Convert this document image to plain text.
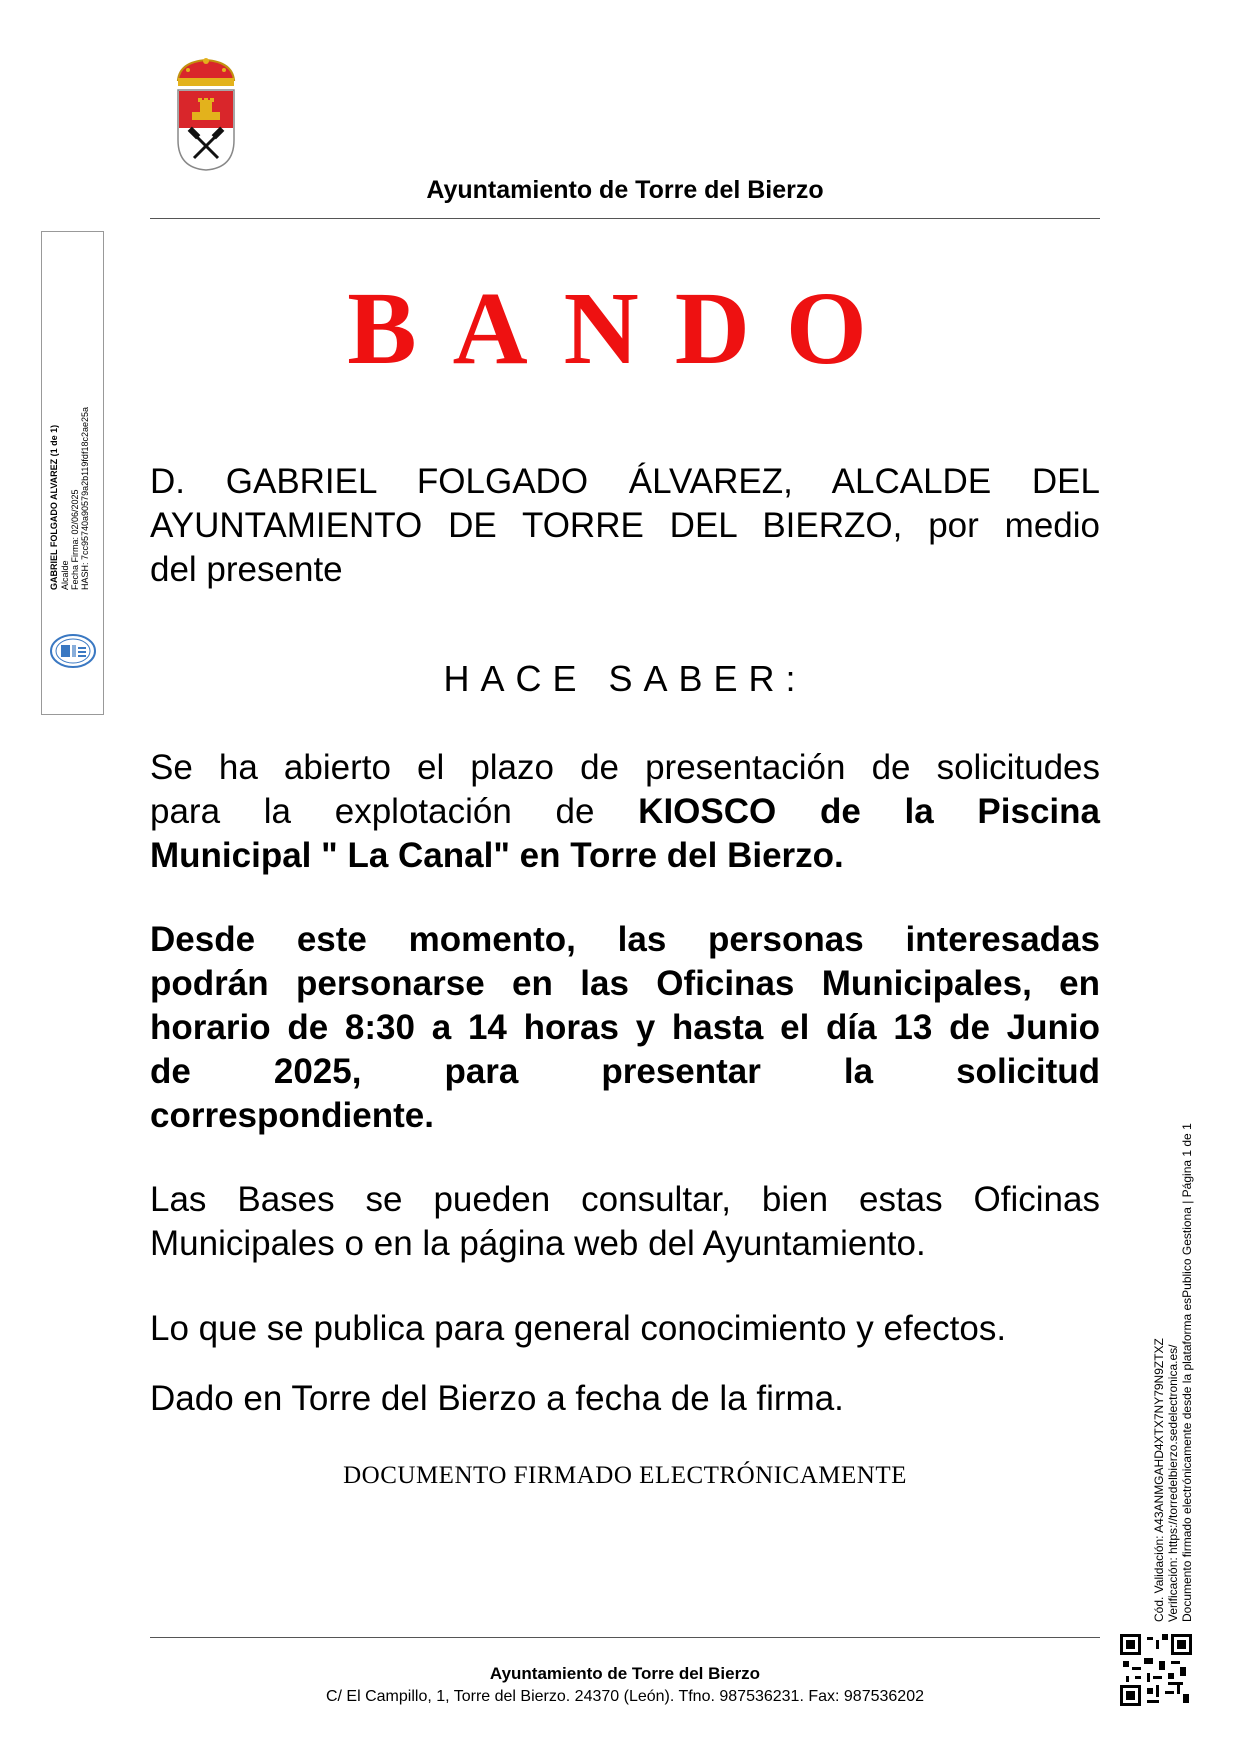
Ayuntamiento de Torre del Bierzo
BANDO
D. GABRIEL FOLGADO ÁLVAREZ, ALCALDE DEL
AYUNTAMIENTO DE TORRE DEL BIERZO, por medio
del presente
HACE SABER:
Se ha abierto el plazo de presentación de solicitudes
para la explotación de KIOSCO de la Piscina
Municipal " La Canal" en Torre del Bierzo.
Desde este momento, las personas interesadas
podrán personarse en las Oficinas Municipales, en
horario de 8:30 a 14 horas y hasta el día 13 de Junio
de 2025, para presentar la solicitud
correspondiente.
Las Bases se pueden consultar, bien estas Oficinas
Municipales o en la página web del Ayuntamiento.
Lo que se publica para general conocimiento y efectos.
Dado en Torre del Bierzo a fecha de la firma.
DOCUMENTO FIRMADO ELECTRÓNICAMENTE
Ayuntamiento de Torre del Bierzo
C/ El Campillo, 1, Torre del Bierzo. 24370 (León). Tfno. 987536231. Fax: 987536202
GABRIEL FOLGADO ALVAREZ (1 de 1) Alcalde Fecha Firma: 02/06/2025 HASH: 7cc95740a90579a2b119fdf18c2ae25a
Cód. Validación: A43ANMGAHD4XTX7NY79N9ZTXZ Verificación: https://torredelbierzo.sedelectronica.es/ Documento firmado electrónicamente desde la plataforma esPublico Gestiona | Página 1 de 1
